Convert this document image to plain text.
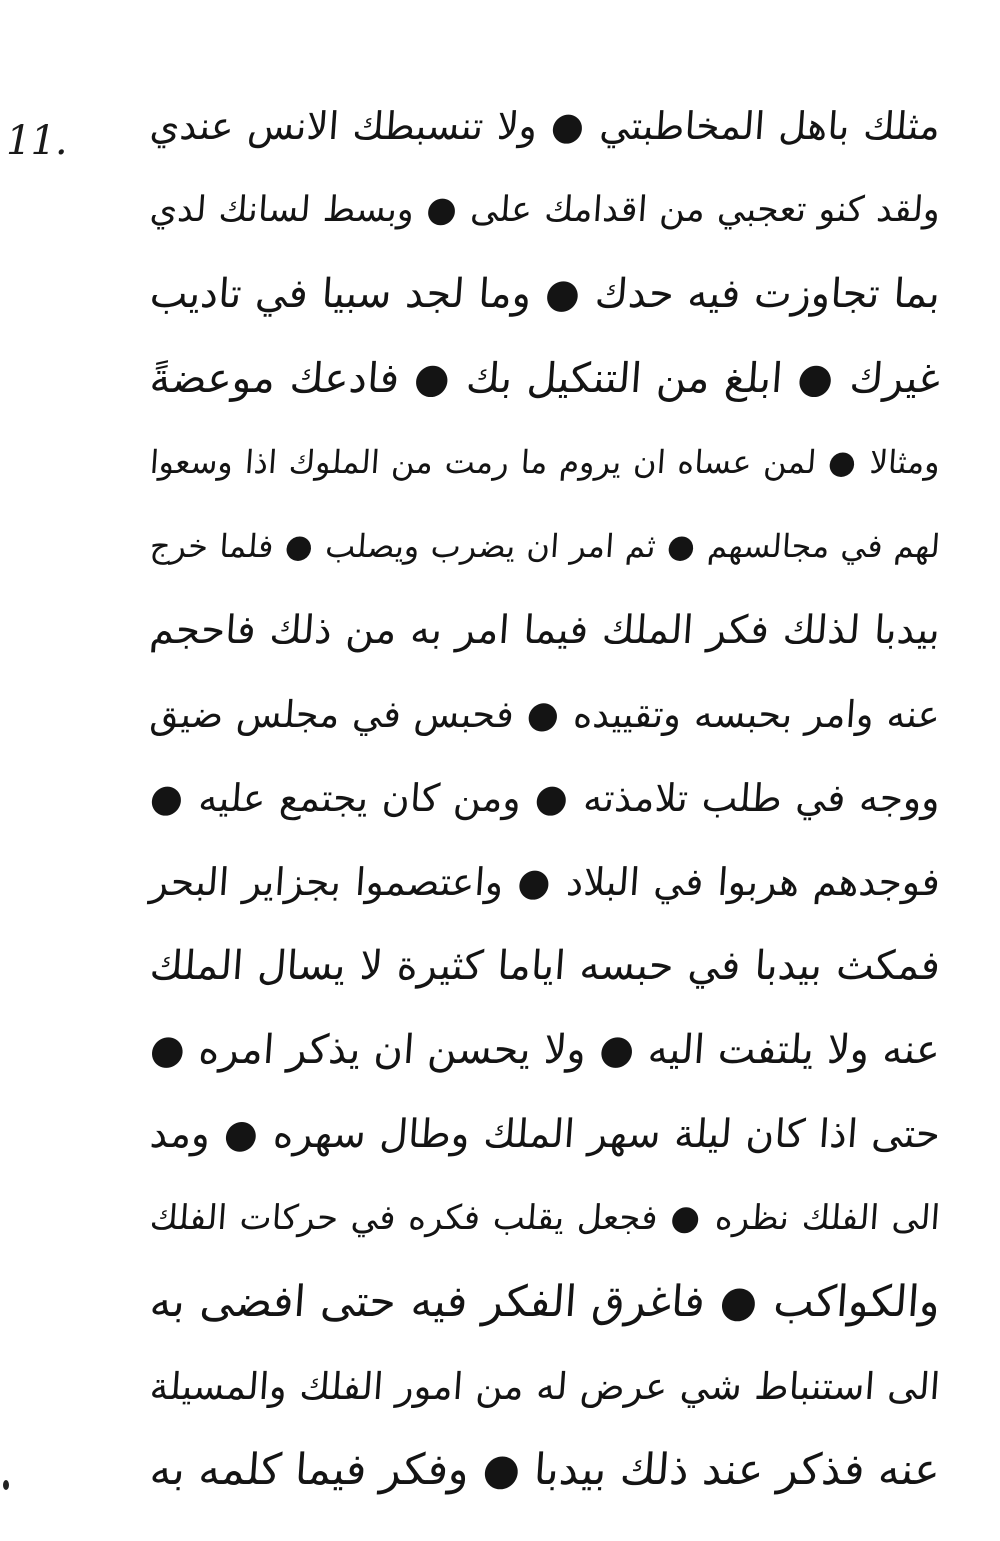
11. مثلك باهل المخاطبتي ● ولا تنسبطك الانس عندي
ولقد كنو تعجبي من اقدامك على ● وبسط لسانك لدي
بما تجاوزت فيه حدك ● وما لجد سبيا في تاديب
غيرك ● ابلغ من التنكيل بك ● فادعك موعضةً
ومثالا ● لمن عساه ان يروم ما رمت من الملوك اذا وسعوا
لهم في مجالسهم ● ثم امر ان يضرب ويصلب ● فلما خرج
بيدبا لذلك فكر الملك فيما امر به من ذلك فاحجم
عنه وامر بحبسه وتقييده ● فحبس في مجلس ضيق
ووجه في طلب تلامذته ● ومن كان يجتمع عليه ●
فوجدهم هربوا في البلاد ● واعتصموا بجزاير البحر
فمكث بيدبا في حبسه اياما كثيرة لا يسال الملك
عنه ولا يلتفت اليه ● ولا يحسن ان يذكر امره ●
حتى اذا كان ليلة سهر الملك وطال سهره ● ومد
الى الفلك نظره ● فجعل يقلب فكره في حركات الفلك
والكواكب ● فاغرق الفكر فيه حتى افضى به
الى استنباط شي عرض له من امور الفلك والمسيلة
عنه فذكر عند ذلك بيدبا ● وفكر فيما كلمه به
